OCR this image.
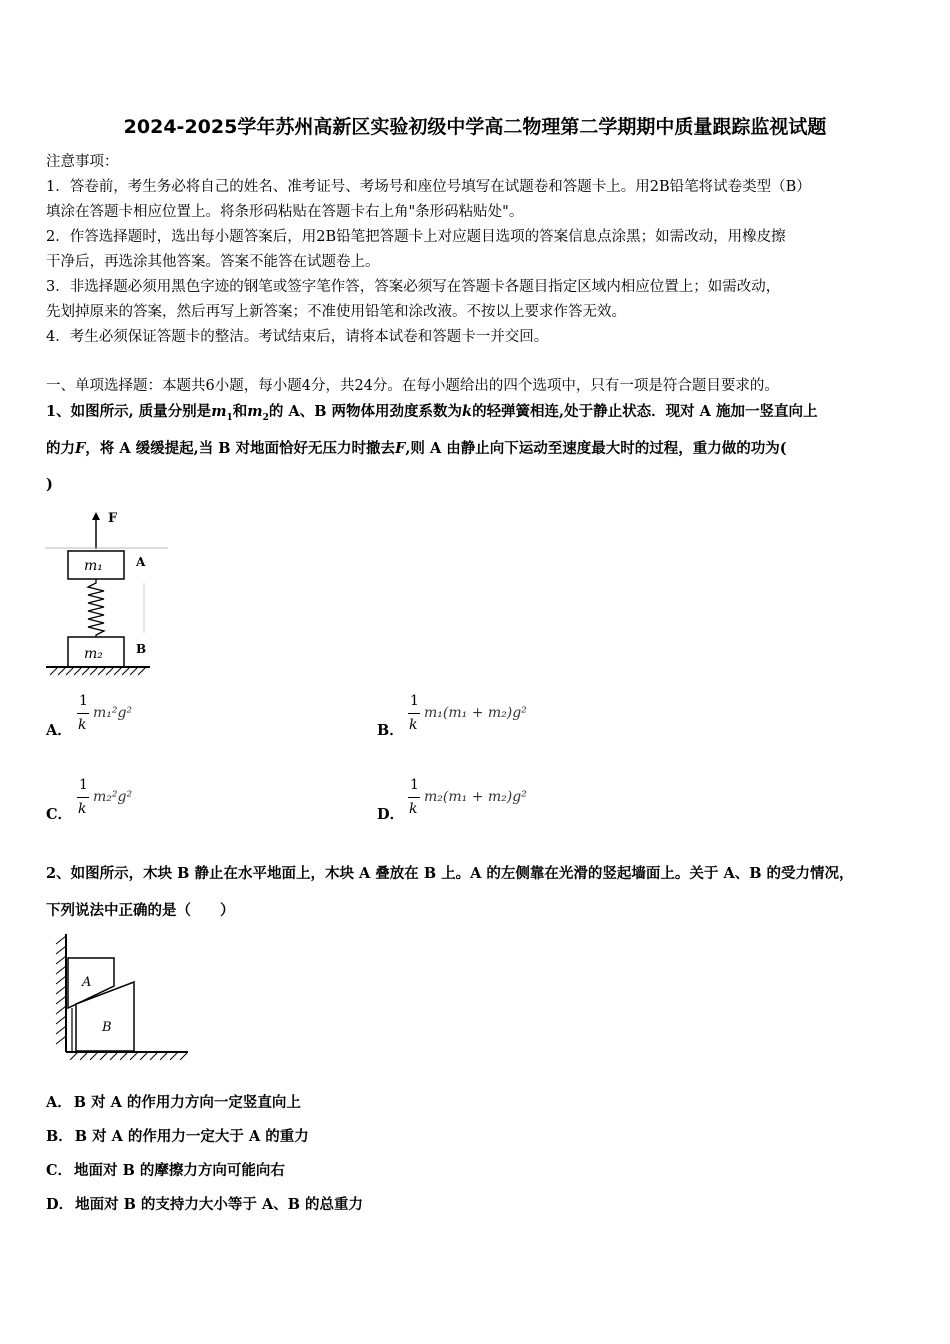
2024-2025学年苏州高新区实验初级中学高二物理第二学期期中质量跟踪监视试题
注意事项：
1．答卷前，考生务必将自己的姓名、准考证号、考场号和座位号填写在试题卷和答题卡上。用2B铅笔将试卷类型（B）
填涂在答题卡相应位置上。将条形码粘贴在答题卡右上角"条形码粘贴处"。
2．作答选择题时，选出每小题答案后，用2B铅笔把答题卡上对应题目选项的答案信息点涂黑；如需改动，用橡皮擦
干净后，再选涂其他答案。答案不能答在试题卷上。
3．非选择题必须用黑色字迹的钢笔或签字笔作答，答案必须写在答题卡各题目指定区域内相应位置上；如需改动，
先划掉原来的答案，然后再写上新答案；不准使用铅笔和涂改液。不按以上要求作答无效。
4．考生必须保证答题卡的整洁。考试结束后，请将本试卷和答题卡一并交回。
一、单项选择题：本题共6小题，每小题4分，共24分。在每小题给出的四个选项中，只有一项是符合题目要求的。
1、如图所示, 质量分别是$m_1$和$m_2$的 A、B 两物体用劲度系数为k的轻弹簧相连,处于静止状态．现对 A 施加一竖直向上
的力F，将 A 缓缓提起,当 B 对地面恰好无压力时撤去F,则 A 由静止向下运动至速度最大时的过程，重力做的功为(
)
F
m₁	A
m₂	B
A．
1
k
m₁²g²
B．
1
k
m₁(m₁ + m₂)g²
C．
1
k
m₂²g²
D．
1
k
m₂(m₁ + m₂)g²
2、如图所示，木块 B 静止在水平地面上，木块 A 叠放在 B 上。A 的左侧靠在光滑的竖起墙面上。关于 A、B 的受力情况，
下列说法中正确的是（　　）
A
B
A． B 对 A 的作用力方向一定竖直向上
B． B 对 A 的作用力一定大于 A 的重力
C． 地面对 B 的摩擦力方向可能向右
D． 地面对 B 的支持力大小等于 A、B 的总重力
